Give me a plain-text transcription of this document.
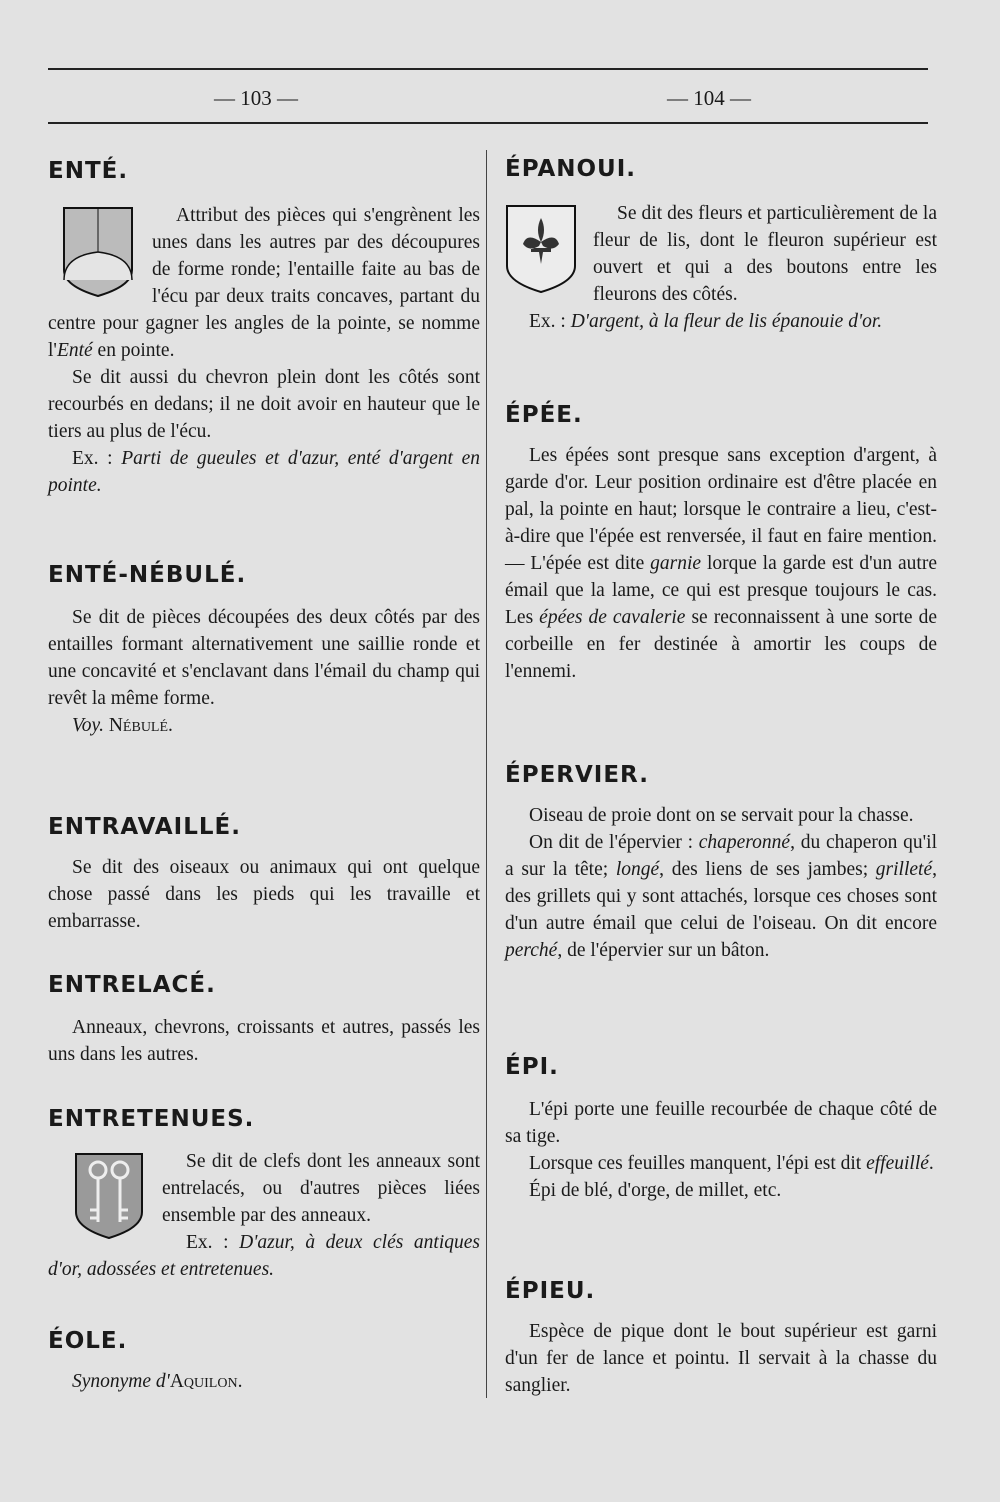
— 103 —	— 104 —
ENTÉ.

Attribut des pièces qui s'engrènent les unes dans les autres par des découpures de forme ronde; l'entaille faite au bas de l'écu par deux traits concaves, partant du centre pour gagner les angles de la pointe, se nomme l'Enté en pointe.

Se dit aussi du chevron plein dont les côtés sont recourbés en dedans; il ne doit avoir en hauteur que le tiers au plus de l'écu.

Ex. : Parti de gueules et d'azur, enté d'argent en pointe.

ENTÉ-NÉBULÉ.

Se dit de pièces découpées des deux côtés par des entailles formant alternativement une saillie ronde et une concavité et s'enclavant dans l'émail du champ qui revêt la même forme.

Voy. Nébulé.

ENTRAVAILLÉ.

Se dit des oiseaux ou animaux qui ont quelque chose passé dans les pieds qui les travaille et embarrasse.

ENTRELACÉ.

Anneaux, chevrons, croissants et autres, passés les uns dans les autres.

ENTRETENUES.

Se dit de clefs dont les anneaux sont entrelacés, ou d'autres pièces liées ensemble par des anneaux.

Ex. : D'azur, à deux clés antiques d'or, adossées et entretenues.

ÉOLE.

Synonyme d'Aquilon.

ÉPANOUI.

Se dit des fleurs et particulièrement de la fleur de lis, dont le fleuron supérieur est ouvert et qui a des boutons entre les fleurons des côtés.

Ex. : D'argent, à la fleur de lis épanouie d'or.

ÉPÉE.

Les épées sont presque sans exception d'argent, à garde d'or. Leur position ordinaire est d'être placée en pal, la pointe en haut; lorsque le contraire a lieu, c'est-à-dire que l'épée est renversée, il faut en faire mention. — L'épée est dite garnie lorque la garde est d'un autre émail que la lame, ce qui est presque toujours le cas. Les épées de cavalerie se reconnaissent à une sorte de corbeille en fer destinée à amortir les coups de l'ennemi.

ÉPERVIER.

Oiseau de proie dont on se servait pour la chasse.

On dit de l'épervier : chaperonné, du chaperon qu'il a sur la tête; longé, des liens de ses jambes; grilleté, des grillets qui y sont attachés, lorsque ces choses sont d'un autre émail que celui de l'oiseau. On dit encore perché, de l'épervier sur un bâton.

ÉPI.

L'épi porte une feuille recourbée de chaque côté de sa tige.

Lorsque ces feuilles manquent, l'épi est dit effeuillé.

Épi de blé, d'orge, de millet, etc.

ÉPIEU.

Espèce de pique dont le bout supérieur est garni d'un fer de lance et pointu. Il servait à la chasse du sanglier.
